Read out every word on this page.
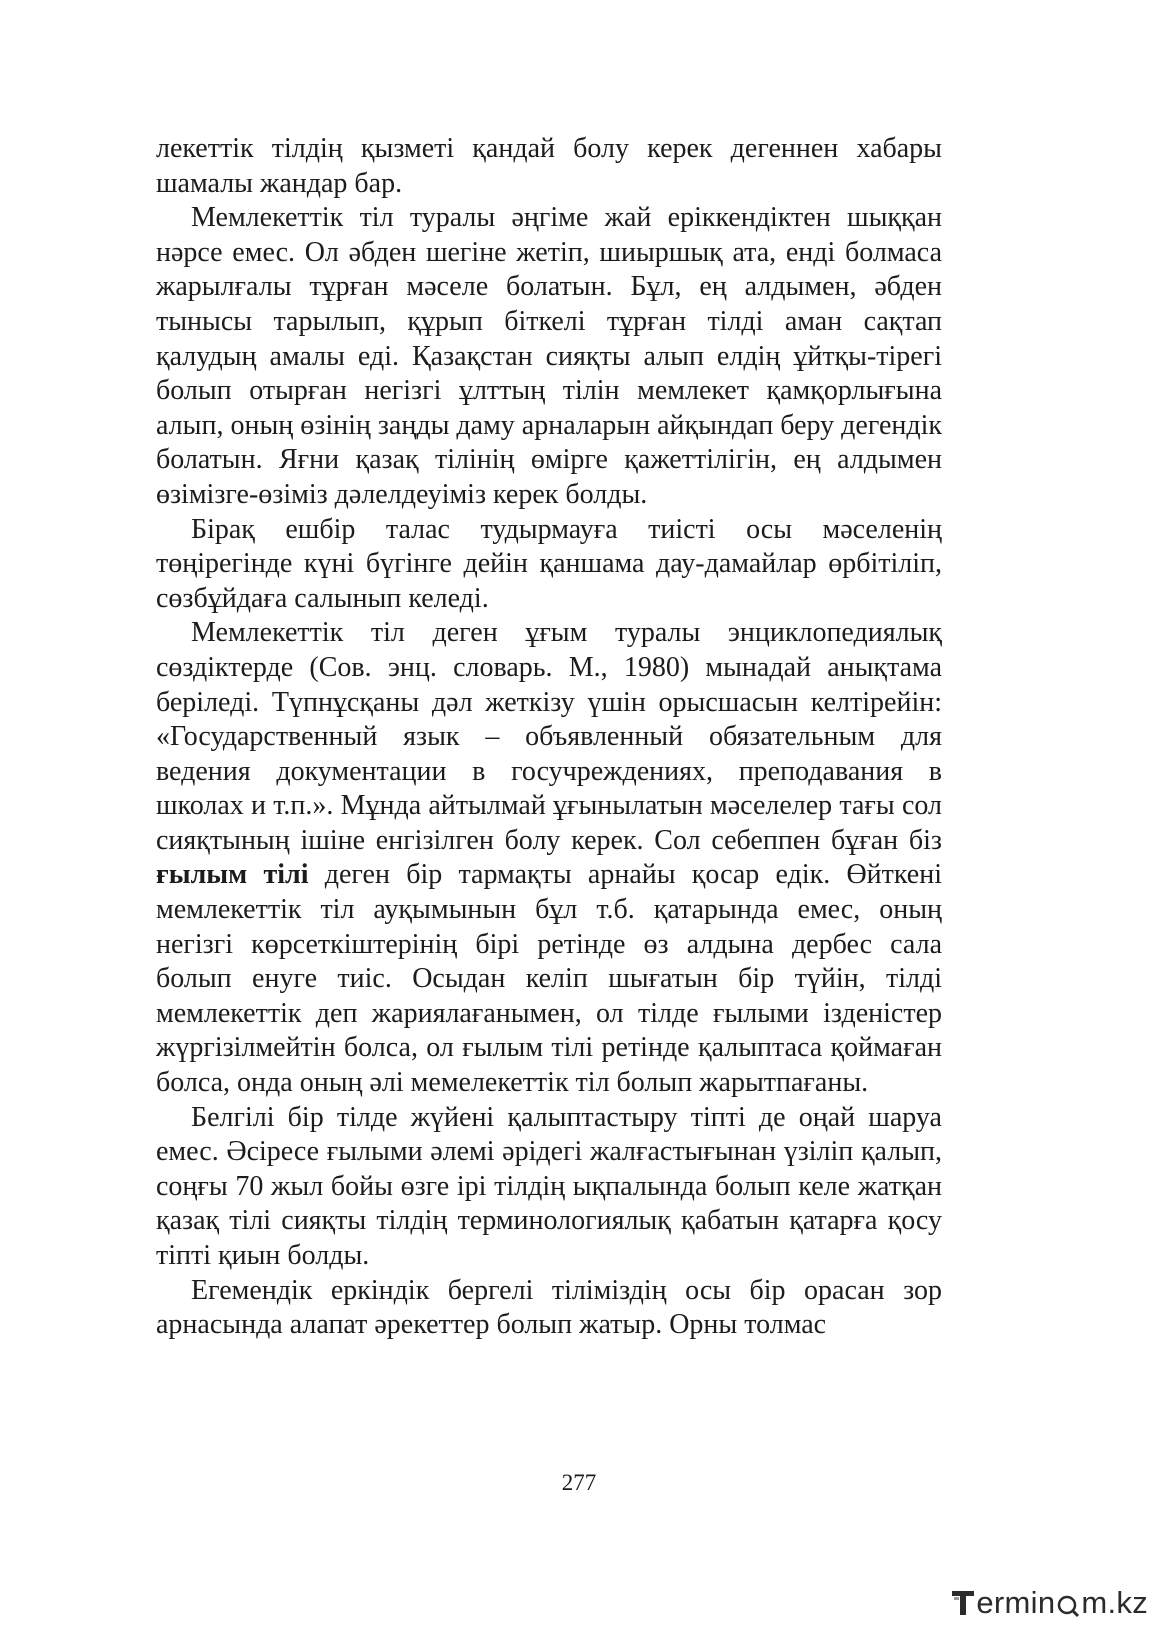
лекеттік тілдің қызметі қандай болу керек дегеннен хабары шамалы жандар бар.

Мемлекеттік тіл туралы әңгіме жай еріккендіктен шыққан нәрсе емес. Ол әбден шегіне жетіп, шиыршық ата, енді болмаса жарылғалы тұрған мәселе болатын. Бұл, ең алдымен, әбден тынысы тарылып, құрып біткелі тұрған тілді аман сақтап қалудың амалы еді. Қазақстан сияқты алып елдің ұйтқы-тірегі болып отырған негізгі ұлттың тілін мемлекет қамқорлығына алып, оның өзінің заңды даму арналарын айқындап беру дегендік болатын. Яғни қазақ тілінің өмірге қажеттілігін, ең алдымен өзімізге-өзіміз дәлелдеуіміз керек болды.

Бірақ ешбір талас тудырмауға тиісті осы мәселенің төңірегінде күні бүгінге дейін қаншама дау-дамайлар өрбітіліп, сөзбұйдаға салынып келеді.

Мемлекеттік тіл деген ұғым туралы энциклопедиялық сөздіктерде (Сов. энц. словарь. М., 1980) мынадай анықтама беріледі. Түпнұсқаны дәл жеткізу үшін орысшасын келтірейін: «Государственный язык – объявленный обязательным для ведения документации в госучреждениях, преподавания в школах и т.п.». Мұнда айтылмай ұғынылатын мәселелер тағы сол сияқтының ішіне енгізілген болу керек. Сол себеппен бұған біз ғылым тілі деген бір тармақты арнайы қосар едік. Өйткені мемлекеттік тіл ауқымынын бұл т.б. қатарында емес, оның негізгі көрсеткіштерінің бірі ретінде өз алдына дербес сала болып енуге тиіс. Осыдан келіп шығатын бір түйін, тілді мемлекеттік деп жариялағанымен, ол тілде ғылыми ізденістер жүргізілмейтін болса, ол ғылым тілі ретінде қалыптаса қоймаған болса, онда оның әлі мемелекеттік тіл болып жарытпағаны.

Белгілі бір тілде жүйені қалыптастыру тіпті де оңай шаруа емес. Әсіресе ғылыми әлемі әрідегі жалғастығынан үзіліп қалып, соңғы 70 жыл бойы өзге ірі тілдің ықпалында болып келе жатқан қазақ тілі сияқты тілдің терминологиялық қабатын қатарға қосу тіпті қиын болды.

Егемендік еркіндік бергелі тіліміздің осы бір орасан зор арнасында алапат әрекеттер болып жатыр. Орны толмас

277
ermin m.kz
